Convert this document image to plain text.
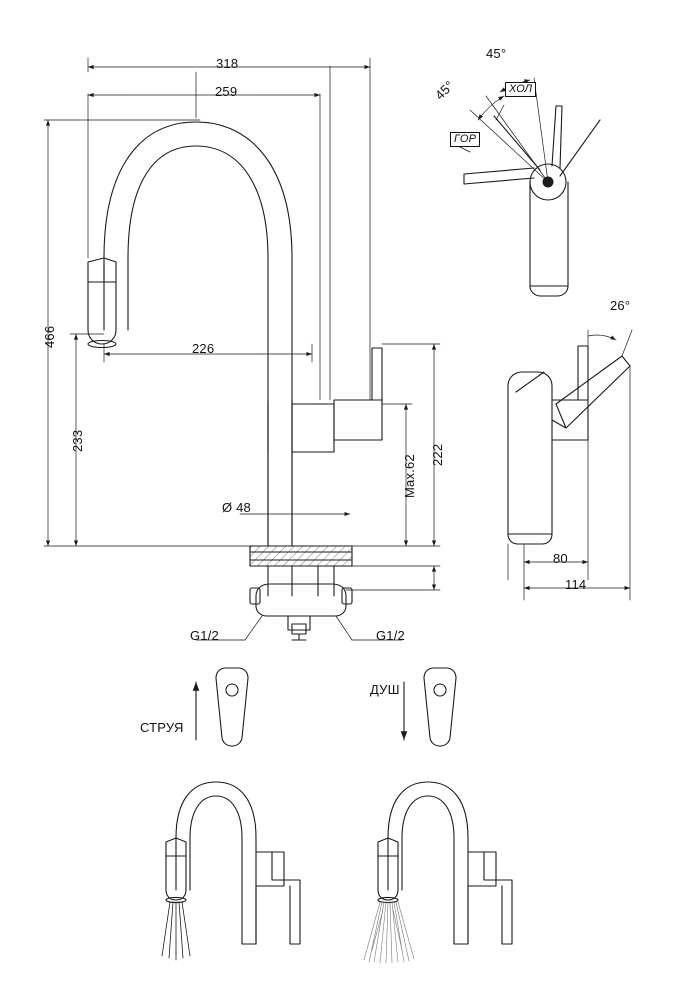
318
259
226
466
233
222
Max.62
Ø 48
G1/2	G1/2
45°
45°
26°
ХОЛ
ГОР
80
114
СТРУЯ
ДУШ
